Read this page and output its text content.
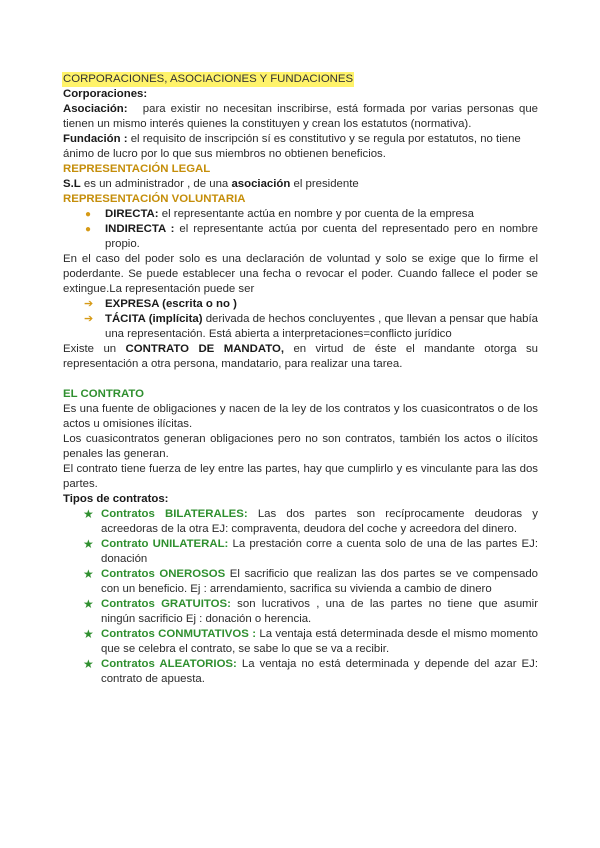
CORPORACIONES, ASOCIACIONES Y FUNDACIONES

Corporaciones:

Asociación: para existir no necesitan inscribirse, está formada por varias personas que tienen un mismo interés quienes la constituyen y crean los estatutos (normativa).

Fundación : el requisito de inscripción sí es constitutivo y se regula por estatutos, no tiene ánimo de lucro por lo que sus miembros no obtienen beneficios.

REPRESENTACIÓN LEGAL

S.L es un administrador , de una asociación el presidente

REPRESENTACIÓN VOLUNTARIA

● DIRECTA: el representante actúa en nombre y por cuenta de la empresa
● INDIRECTA : el representante actúa por cuenta del representado pero en nombre propio.

En el caso del poder solo es una declaración de voluntad y solo se exige que lo firme el poderdante. Se puede establecer una fecha o revocar el poder. Cuando fallece el poder se extingue.La representación puede ser

➔ EXPRESA (escrita o no )
➔ TÁCITA (implícita) derivada de hechos concluyentes , que llevan a pensar que había una representación. Está abierta a interpretaciones=conflicto jurídico

Existe un CONTRATO DE MANDATO, en virtud de éste el mandante otorga su representación a otra persona, mandatario, para realizar una tarea.

EL CONTRATO

Es una fuente de obligaciones y nacen de la ley de los contratos y los cuasicontratos o de los actos u omisiones ilícitas.

Los cuasicontratos generan obligaciones pero no son contratos, también los actos o ilícitos penales las generan.

El contrato tiene fuerza de ley entre las partes, hay que cumplirlo y es vinculante para las dos partes.

Tipos de contratos:

★ Contratos BILATERALES: Las dos partes son recíprocamente deudoras y acreedoras de la otra EJ: compraventa, deudora del coche y acreedora del dinero.
★ Contrato UNILATERAL: La prestación corre a cuenta solo de una de las partes EJ: donación
★ Contratos ONEROSOS El sacrificio que realizan las dos partes se ve compensado con un beneficio. Ej : arrendamiento, sacrifica su vivienda a cambio de dinero
★ Contratos GRATUITOS: son lucrativos , una de las partes no tiene que asumir ningún sacrificio Ej : donación o herencia.
★ Contratos CONMUTATIVOS : La ventaja está determinada desde el mismo momento que se celebra el contrato, se sabe lo que se va a recibir.
★ Contratos ALEATORIOS: La ventaja no está determinada y depende del azar EJ: contrato de apuesta.
